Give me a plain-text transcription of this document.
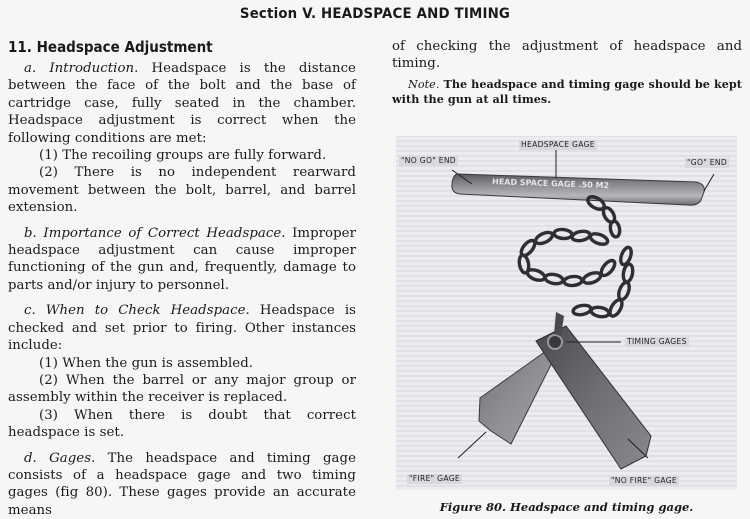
Section V. HEADSPACE AND TIMING
11. Headspace Adjustment

a. Introduction. Headspace is the distance between the face of the bolt and the base of cartridge case, fully seated in the chamber. Headspace adjustment is correct when the following conditions are met:

(1) The recoiling groups are fully forward.

(2) There is no independent rearward movement between the bolt, barrel, and barrel extension.

b. Importance of Correct Headspace. Improper headspace adjustment can cause improper functioning of the gun and, frequently, damage to parts and/or injury to personnel.

c. When to Check Headspace. Headspace is checked and set prior to firing. Other instances include:

(1) When the gun is assembled.

(2) When the barrel or any major group or assembly within the receiver is replaced.

(3) When there is doubt that correct headspace is set.

d. Gages. The headspace and timing gage consists of a headspace gage and two timing gages (fig 80). These gages provide an accurate means

of checking the adjustment of headspace and timing.

Note. The headspace and timing gage should be kept with the gun at all times.

HEAD SPACE GAGE .50 M2
HEADSPACE GAGE
"NO GO" END	"GO" END
TIMING GAGES
"FIRE" GAGE	"NO FIRE" GAGE
Figure 80. Headspace and timing gage.
